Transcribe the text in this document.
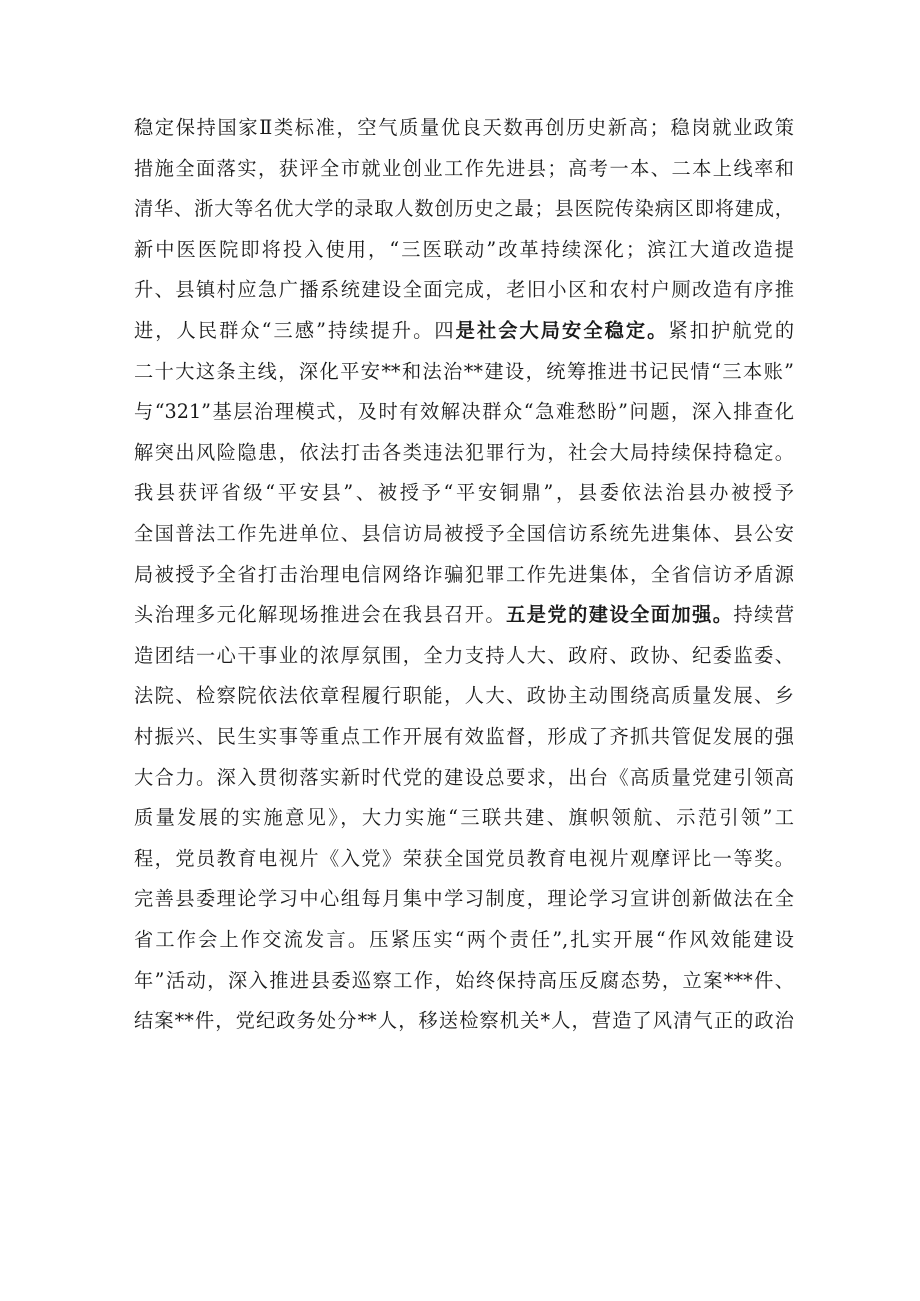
稳定保持国家Ⅱ类标准，空气质量优良天数再创历史新高；稳岗就业政策
措施全面落实，获评全市就业创业工作先进县；高考一本、二本上线率和
清华、浙大等名优大学的录取人数创历史之最；县医院传染病区即将建成，
新中医医院即将投入使用，“三医联动”改革持续深化；滨江大道改造提
升、县镇村应急广播系统建设全面完成，老旧小区和农村户厕改造有序推
进，人民群众“三感”持续提升。四是社会大局安全稳定。紧扣护航党的
二十大这条主线，深化平安**和法治**建设，统筹推进书记民情“三本账”
与“321”基层治理模式，及时有效解决群众“急难愁盼”问题，深入排查化
解突出风险隐患，依法打击各类违法犯罪行为，社会大局持续保持稳定。
我县获评省级“平安县”、被授予“平安铜鼎”，县委依法治县办被授予
全国普法工作先进单位、县信访局被授予全国信访系统先进集体、县公安
局被授予全省打击治理电信网络诈骗犯罪工作先进集体，全省信访矛盾源
头治理多元化解现场推进会在我县召开。五是党的建设全面加强。持续营
造团结一心干事业的浓厚氛围，全力支持人大、政府、政协、纪委监委、
法院、检察院依法依章程履行职能，人大、政协主动围绕高质量发展、乡
村振兴、民生实事等重点工作开展有效监督，形成了齐抓共管促发展的强
大合力。深入贯彻落实新时代党的建设总要求，出台《高质量党建引领高
质量发展的实施意见》，大力实施“三联共建、旗帜领航、示范引领”工
程，党员教育电视片《入党》荣获全国党员教育电视片观摩评比一等奖。
完善县委理论学习中心组每月集中学习制度，理论学习宣讲创新做法在全
省工作会上作交流发言。压紧压实“两个责任”,扎实开展“作风效能建设
年”活动，深入推进县委巡察工作，始终保持高压反腐态势，立案***件、
结案**件，党纪政务处分**人，移送检察机关*人，营造了风清气正的政治
